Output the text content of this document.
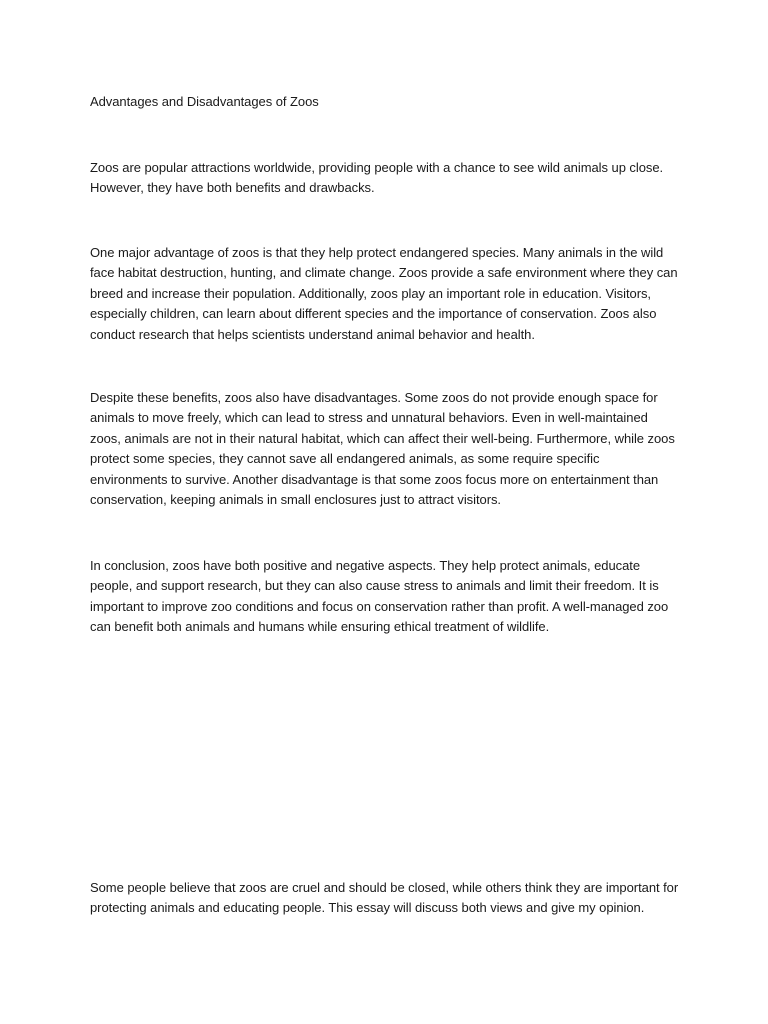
Advantages and Disadvantages of Zoos

Zoos are popular attractions worldwide, providing people with a chance to see wild animals up close. However, they have both benefits and drawbacks.

One major advantage of zoos is that they help protect endangered species. Many animals in the wild face habitat destruction, hunting, and climate change. Zoos provide a safe environment where they can breed and increase their population. Additionally, zoos play an important role in education. Visitors, especially children, can learn about different species and the importance of conservation. Zoos also conduct research that helps scientists understand animal behavior and health.

Despite these benefits, zoos also have disadvantages. Some zoos do not provide enough space for animals to move freely, which can lead to stress and unnatural behaviors. Even in well-maintained zoos, animals are not in their natural habitat, which can affect their well-being. Furthermore, while zoos protect some species, they cannot save all endangered animals, as some require specific environments to survive. Another disadvantage is that some zoos focus more on entertainment than conservation, keeping animals in small enclosures just to attract visitors.

In conclusion, zoos have both positive and negative aspects. They help protect animals, educate people, and support research, but they can also cause stress to animals and limit their freedom. It is important to improve zoo conditions and focus on conservation rather than profit. A well-managed zoo can benefit both animals and humans while ensuring ethical treatment of wildlife.

Some people believe that zoos are cruel and should be closed, while others think they are important for protecting animals and educating people. This essay will discuss both views and give my opinion.
